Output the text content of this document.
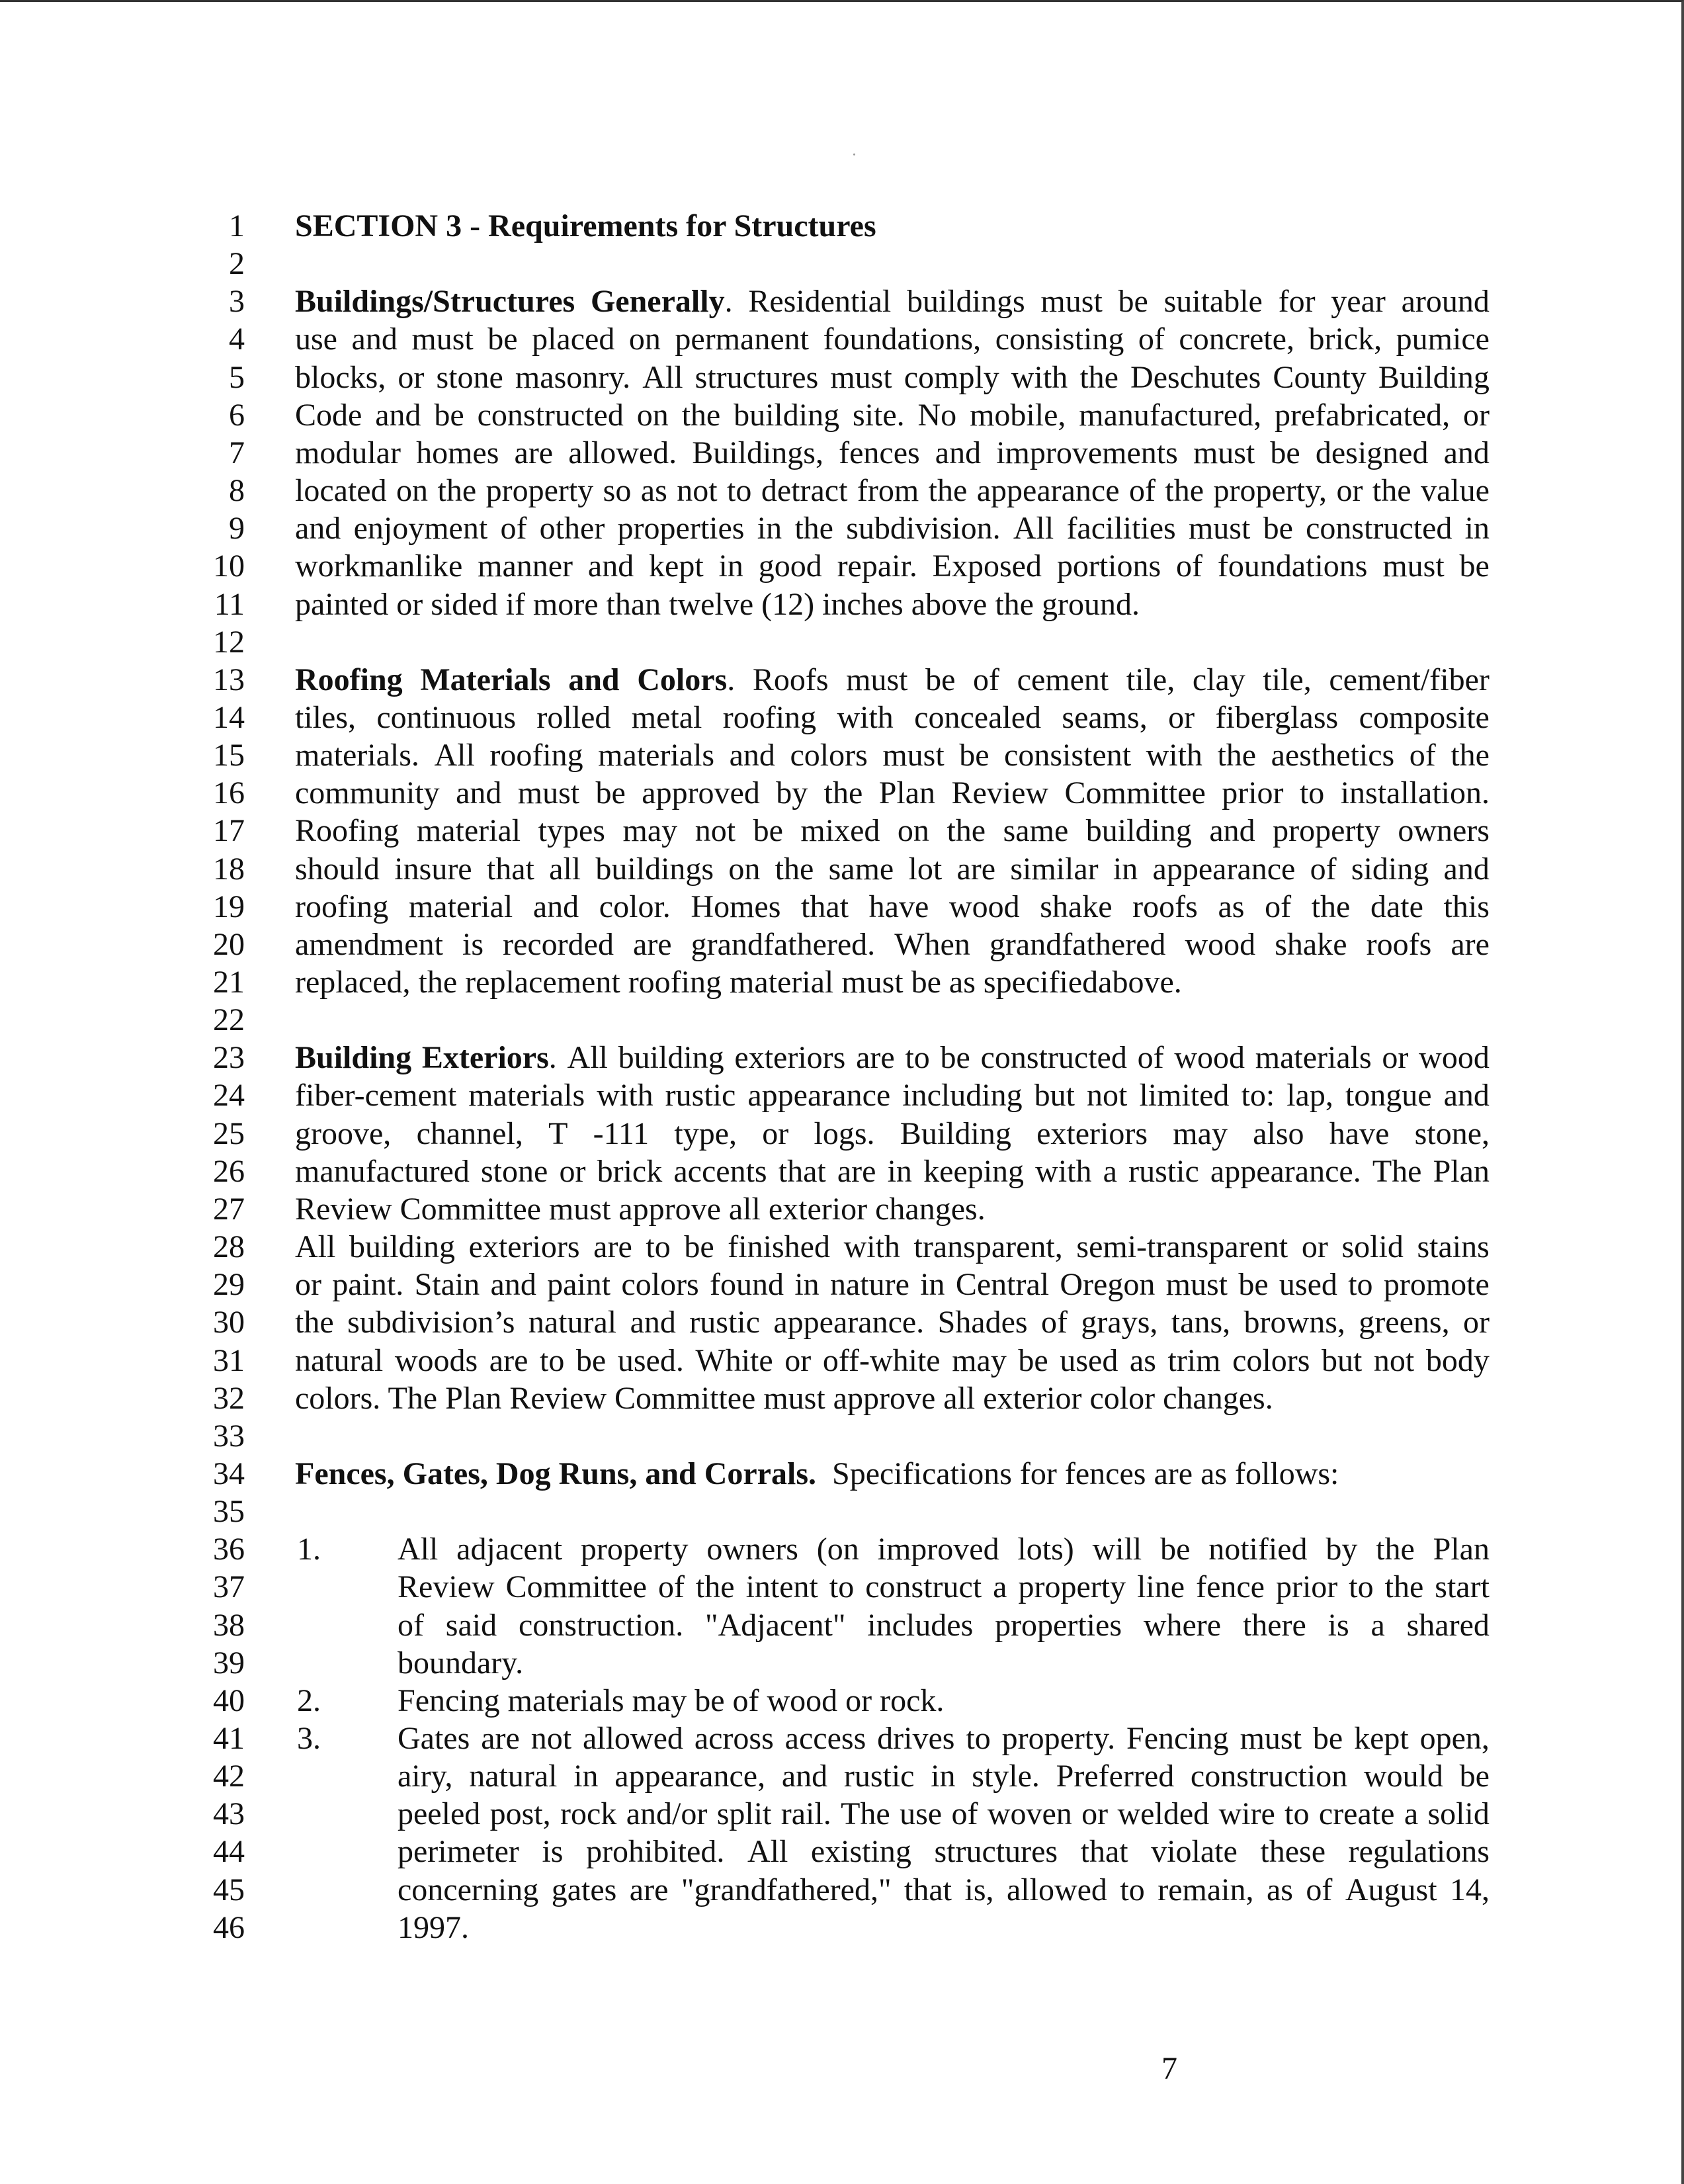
1 SECTION 3 - Requirements for Structures
2
3 Buildings/Structures Generally. Residential buildings must be suitable for year around
4 use and must be placed on permanent foundations, consisting of concrete, brick, pumice
5 blocks, or stone masonry. All structures must comply with the Deschutes County Building
6 Code and be constructed on the building site. No mobile, manufactured, prefabricated, or
7 modular homes are allowed. Buildings, fences and improvements must be designed and
8 located on the property so as not to detract from the appearance of the property, or the value
9 and enjoyment of other properties in the subdivision. All facilities must be constructed in
10 workmanlike manner and kept in good repair. Exposed portions of foundations must be
11 painted or sided if more than twelve (12) inches above the ground.
12
13 Roofing Materials and Colors. Roofs must be of cement tile, clay tile, cement/fiber
14 tiles, continuous rolled metal roofing with concealed seams, or fiberglass composite
15 materials. All roofing materials and colors must be consistent with the aesthetics of the
16 community and must be approved by the Plan Review Committee prior to installation.
17 Roofing material types may not be mixed on the same building and property owners
18 should insure that all buildings on the same lot are similar in appearance of siding and
19 roofing material and color. Homes that have wood shake roofs as of the date this
20 amendment is recorded are grandfathered. When grandfathered wood shake roofs are
21 replaced, the replacement roofing material must be as specifiedabove.
22
23 Building Exteriors. All building exteriors are to be constructed of wood materials or wood
24 fiber-cement materials with rustic appearance including but not limited to: lap, tongue and
25 groove, channel, T -111 type, or logs. Building exteriors may also have stone,
26 manufactured stone or brick accents that are in keeping with a rustic appearance. The Plan
27 Review Committee must approve all exterior changes.
28 All building exteriors are to be finished with transparent, semi-transparent or solid stains
29 or paint. Stain and paint colors found in nature in Central Oregon must be used to promote
30 the subdivision’s natural and rustic appearance. Shades of grays, tans, browns, greens, or
31 natural woods are to be used. White or off-white may be used as trim colors but not body
32 colors. The Plan Review Committee must approve all exterior color changes.
33
34 Fences, Gates, Dog Runs, and Corrals. Specifications for fences are as follows:
35
36 1. All adjacent property owners (on improved lots) will be notified by the Plan
37	Review Committee of the intent to construct a property line fence prior to the start
38	of said construction. "Adjacent" includes properties where there is a shared
39	boundary.
40 2. Fencing materials may be of wood or rock.
41 3. Gates are not allowed across access drives to property. Fencing must be kept open,
42	airy, natural in appearance, and rustic in style. Preferred construction would be
43	peeled post, rock and/or split rail. The use of woven or welded wire to create a solid
44	perimeter is prohibited. All existing structures that violate these regulations
45	concerning gates are "grandfathered," that is, allowed to remain, as of August 14,
46	1997.
7
